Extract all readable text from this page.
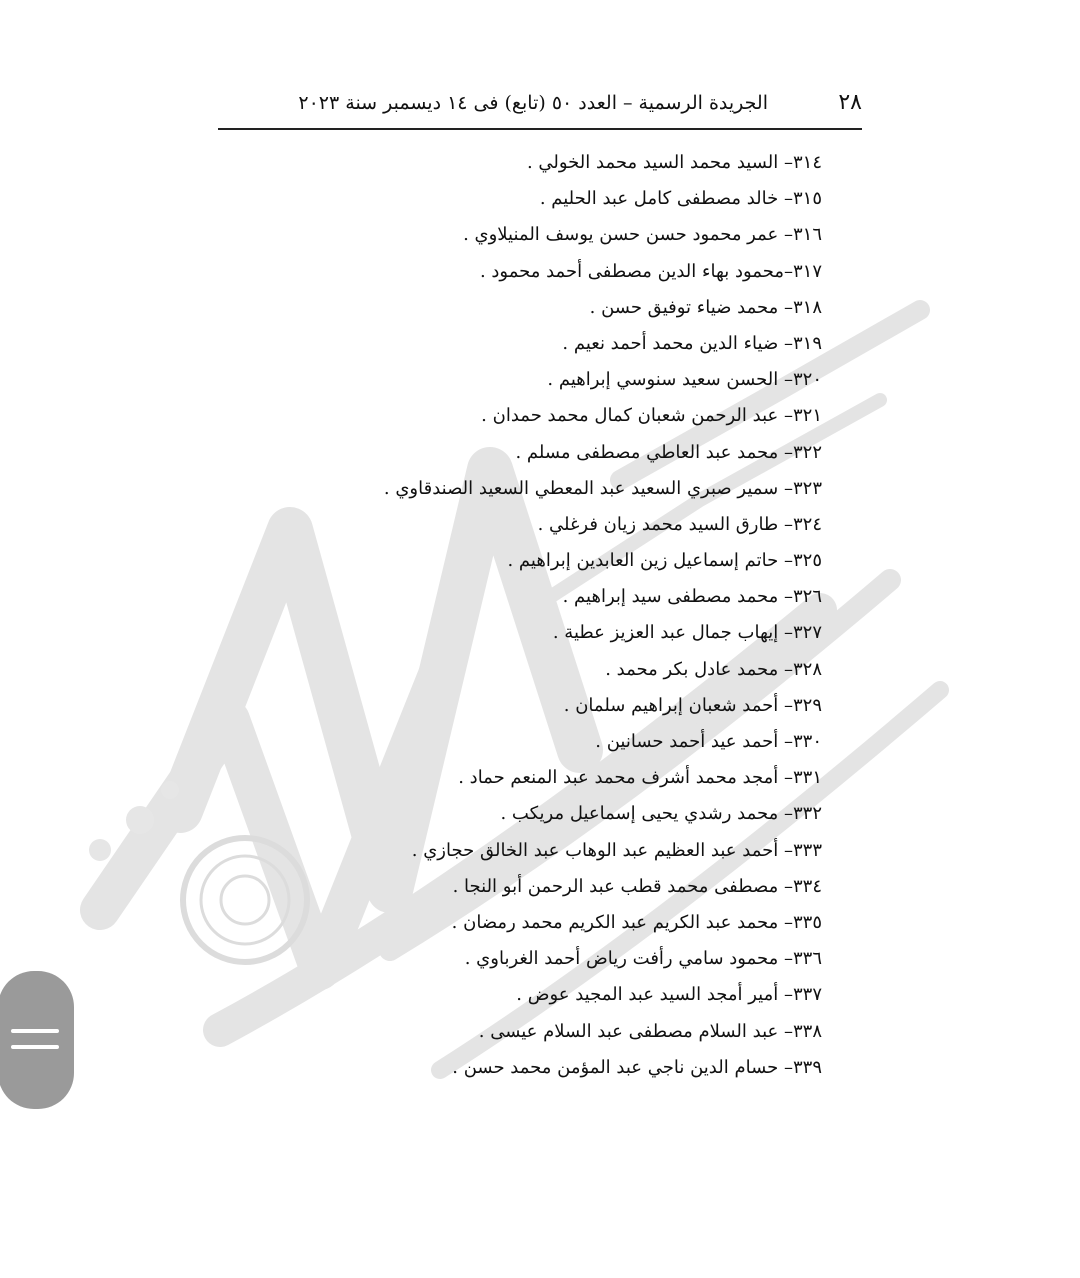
٢٨
الجريدة الرسمية – العدد ٥٠ (تابع) فى ١٤ ديسمبر سنة ٢٠٢٣
٣١٤– السيد محمد السيد محمد الخولي .
٣١٥– خالد مصطفى كامل عبد الحليم .
٣١٦– عمر محمود حسن حسن يوسف المنيلاوي .
٣١٧–محمود بهاء الدين مصطفى أحمد محمود .
٣١٨– محمد ضياء توفيق حسن .
٣١٩– ضياء الدين محمد أحمد نعيم .
٣٢٠– الحسن سعيد سنوسي إبراهيم .
٣٢١– عبد الرحمن شعبان كمال محمد حمدان .
٣٢٢– محمد عبد العاطي مصطفى مسلم .
٣٢٣– سمير صبري السعيد عبد المعطي السعيد الصندقاوي .
٣٢٤– طارق السيد محمد زيان فرغلي .
٣٢٥– حاتم إسماعيل زين العابدين إبراهيم .
٣٢٦– محمد مصطفى سيد إبراهيم .
٣٢٧– إيهاب جمال عبد العزيز عطية .
٣٢٨– محمد عادل بكر محمد .
٣٢٩– أحمد شعبان إبراهيم سلمان .
٣٣٠– أحمد عيد أحمد حسانين .
٣٣١– أمجد محمد أشرف محمد عبد المنعم حماد .
٣٣٢– محمد رشدي يحيى إسماعيل مريكب .
٣٣٣– أحمد عبد العظيم عبد الوهاب عبد الخالق حجازي .
٣٣٤– مصطفى محمد قطب عبد الرحمن أبو النجا .
٣٣٥– محمد عبد الكريم عبد الكريم محمد رمضان .
٣٣٦– محمود سامي رأفت رياض أحمد الغرباوي .
٣٣٧– أمير أمجد السيد عبد المجيد عوض .
٣٣٨– عبد السلام مصطفى عبد السلام عيسى .
٣٣٩– حسام الدين ناجي عبد المؤمن محمد حسن .
